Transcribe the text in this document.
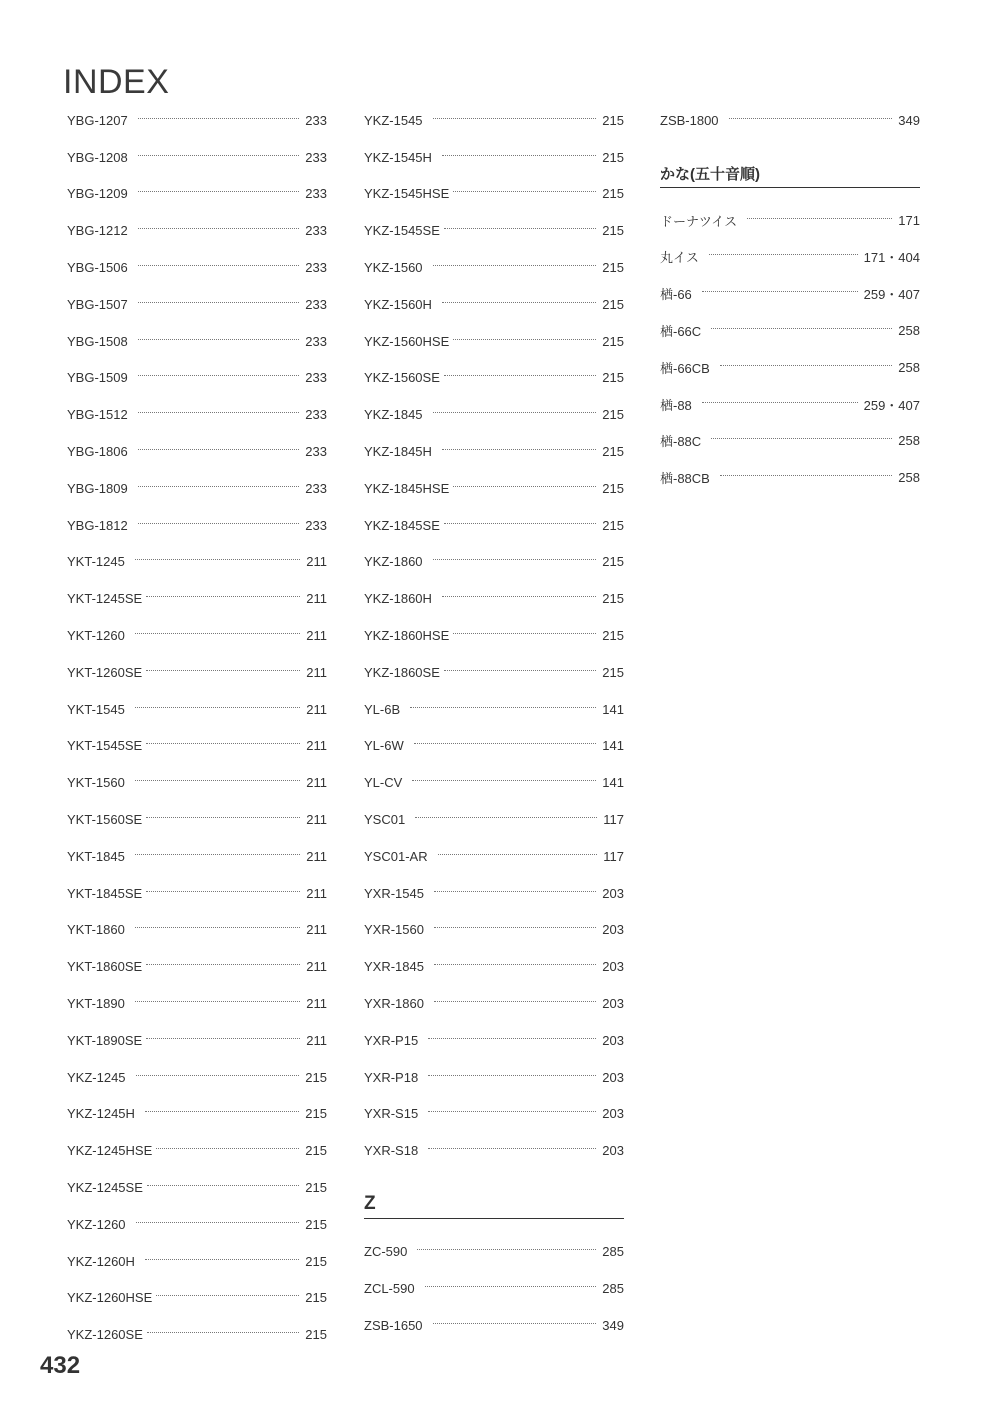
INDEX
YBG-1207	233
YBG-1208	233
YBG-1209	233
YBG-1212	233
YBG-1506	233
YBG-1507	233
YBG-1508	233
YBG-1509	233
YBG-1512	233
YBG-1806	233
YBG-1809	233
YBG-1812	233
YKT-1245	211
YKT-1245SE	211
YKT-1260	211
YKT-1260SE	211
YKT-1545	211
YKT-1545SE	211
YKT-1560	211
YKT-1560SE	211
YKT-1845	211
YKT-1845SE	211
YKT-1860	211
YKT-1860SE	211
YKT-1890	211
YKT-1890SE	211
YKZ-1245	215
YKZ-1245H	215
YKZ-1245HSE	215
YKZ-1245SE	215
YKZ-1260	215
YKZ-1260H	215
YKZ-1260HSE	215
YKZ-1260SE	215
YKZ-1545	215
YKZ-1545H	215
YKZ-1545HSE	215
YKZ-1545SE	215
YKZ-1560	215
YKZ-1560H	215
YKZ-1560HSE	215
YKZ-1560SE	215
YKZ-1845	215
YKZ-1845H	215
YKZ-1845HSE	215
YKZ-1845SE	215
YKZ-1860	215
YKZ-1860H	215
YKZ-1860HSE	215
YKZ-1860SE	215
YL-6B	141
YL-6W	141
YL-CV	141
YSC01	117
YSC01-AR	117
YXR-1545	203
YXR-1560	203
YXR-1845	203
YXR-1860	203
YXR-P15	203
YXR-P18	203
YXR-S15	203
YXR-S18	203
Z
ZC-590	285
ZCL-590	285
ZSB-1650	349
ZSB-1800	349
かな(五十音順)
ドーナツイス	171
丸イス	171・404
楢-66	259・407
楢-66C	258
楢-66CB	258
楢-88	259・407
楢-88C	258
楢-88CB	258
432
